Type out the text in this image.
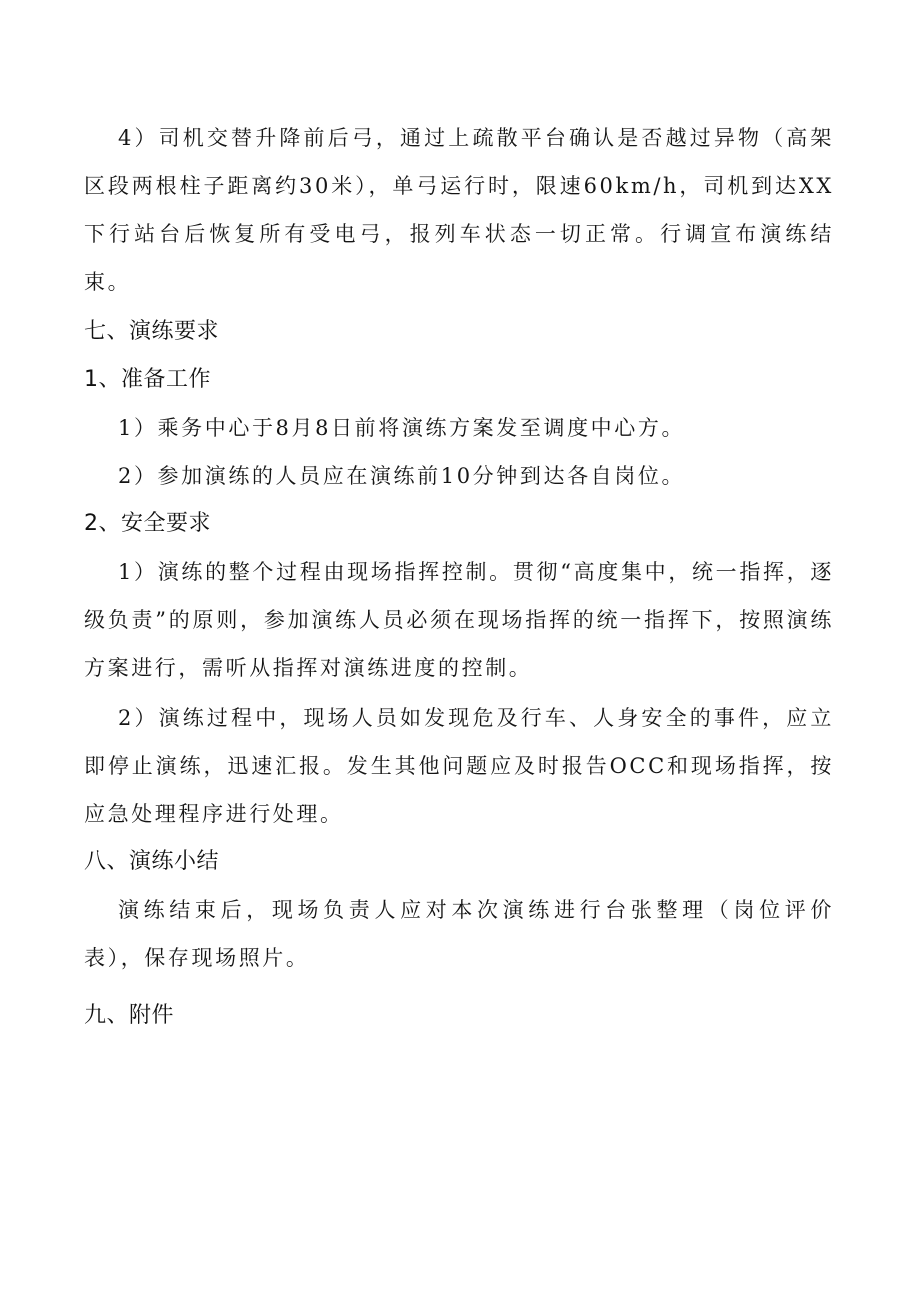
4）司机交替升降前后弓，通过上疏散平台确认是否越过异物（高架区段两根柱子距离约30米），单弓运行时，限速60km/h，司机到达XX下行站台后恢复所有受电弓，报列车状态一切正常。行调宣布演练结束。

七、演练要求
1、准备工作

1）乘务中心于8月8日前将演练方案发至调度中心方。

2）参加演练的人员应在演练前10分钟到达各自岗位。

2、安全要求

1）演练的整个过程由现场指挥控制。贯彻“高度集中，统一指挥，逐级负责”的原则，参加演练人员必须在现场指挥的统一指挥下，按照演练方案进行，需听从指挥对演练进度的控制。

2）演练过程中，现场人员如发现危及行车、人身安全的事件，应立即停止演练，迅速汇报。发生其他问题应及时报告OCC和现场指挥，按应急处理程序进行处理。

八、演练小结

演练结束后，现场负责人应对本次演练进行台张整理（岗位评价表），保存现场照片。

九、附件
